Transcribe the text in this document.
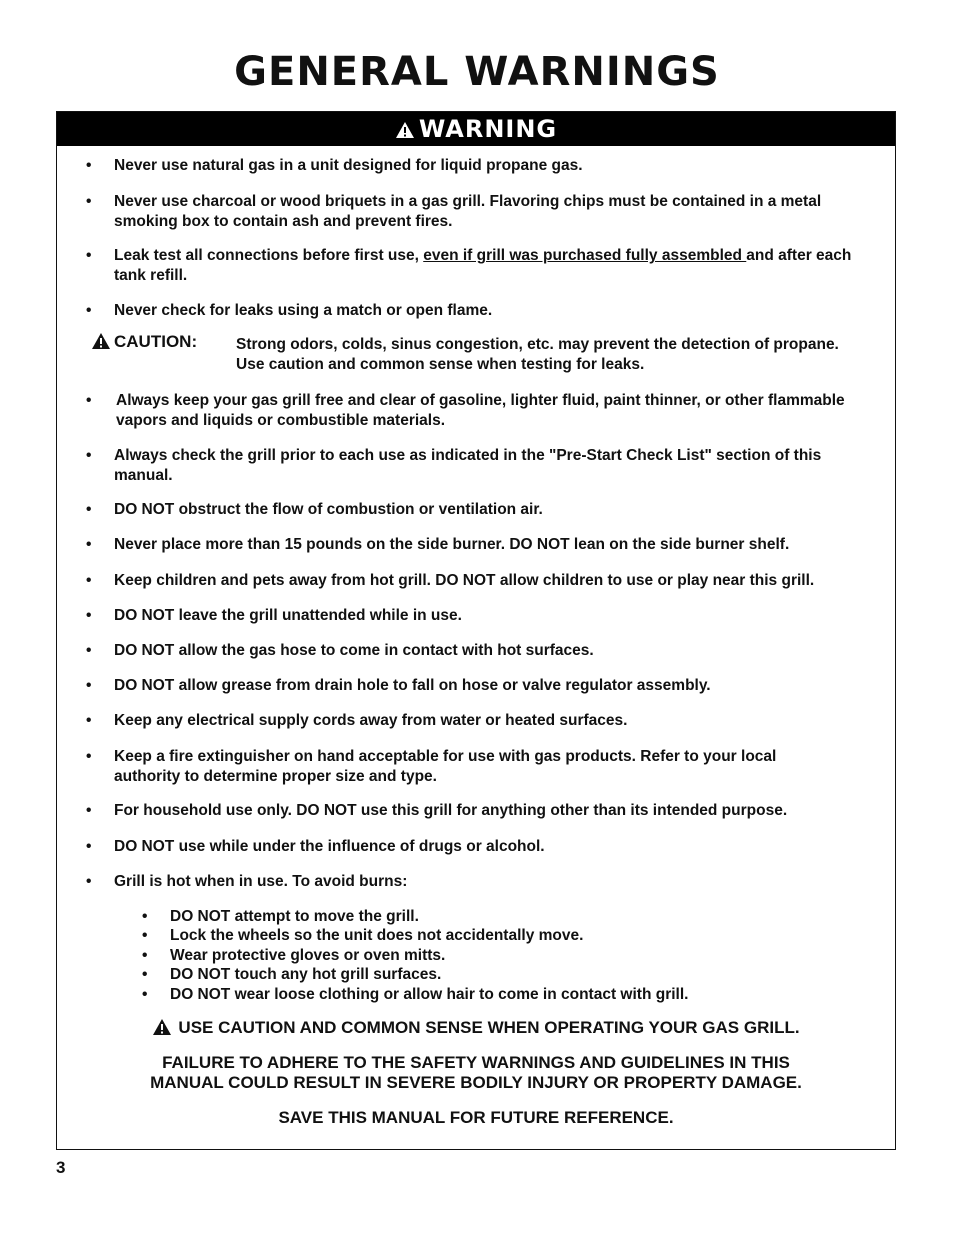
GENERAL WARNINGS
WARNING
• Never use natural gas in a unit designed for liquid propane gas.
• Never use charcoal or wood briquets in a gas grill. Flavoring chips must be contained in a metal smoking box to contain ash and prevent fires.
• Leak test all connections before first use, even if grill was purchased fully assembled and after each tank refill.
• Never check for leaks using a match or open flame.
CAUTION:	Strong odors, colds, sinus congestion, etc. may prevent the detection of propane. Use caution and common sense when testing for leaks.
• Always keep your gas grill free and clear of gasoline, lighter fluid, paint thinner, or other flammable vapors and liquids or combustible materials.
• Always check the grill prior to each use as indicated in the "Pre-Start Check List" section of this manual.
• DO NOT obstruct the flow of combustion or ventilation air.
• Never place more than 15 pounds on the side burner. DO NOT lean on the side burner shelf.
• Keep children and pets away from hot grill. DO NOT allow children to use or play near this grill.
• DO NOT leave the grill unattended while in use.
• DO NOT allow the gas hose to come in contact with hot surfaces.
• DO NOT allow grease from drain hole to fall on hose or valve regulator assembly.
• Keep any electrical supply cords away from water or heated surfaces.
• Keep a fire extinguisher on hand acceptable for use with gas products. Refer to your local authority to determine proper size and type.
• For household use only. DO NOT use this grill for anything other than its intended purpose.
• DO NOT use while under the influence of drugs or alcohol.
• Grill is hot when in use. To avoid burns:
• DO NOT attempt to move the grill.
• Lock the wheels so the unit does not accidentally move.
• Wear protective gloves or oven mitts.
• DO NOT touch any hot grill surfaces.
• DO NOT wear loose clothing or allow hair to come in contact with grill.
USE CAUTION AND COMMON SENSE WHEN OPERATING YOUR GAS GRILL.
FAILURE TO ADHERE TO THE SAFETY WARNINGS AND GUIDELINES IN THIS
MANUAL COULD RESULT IN SEVERE BODILY INJURY OR PROPERTY DAMAGE.
SAVE THIS MANUAL FOR FUTURE REFERENCE.
3
